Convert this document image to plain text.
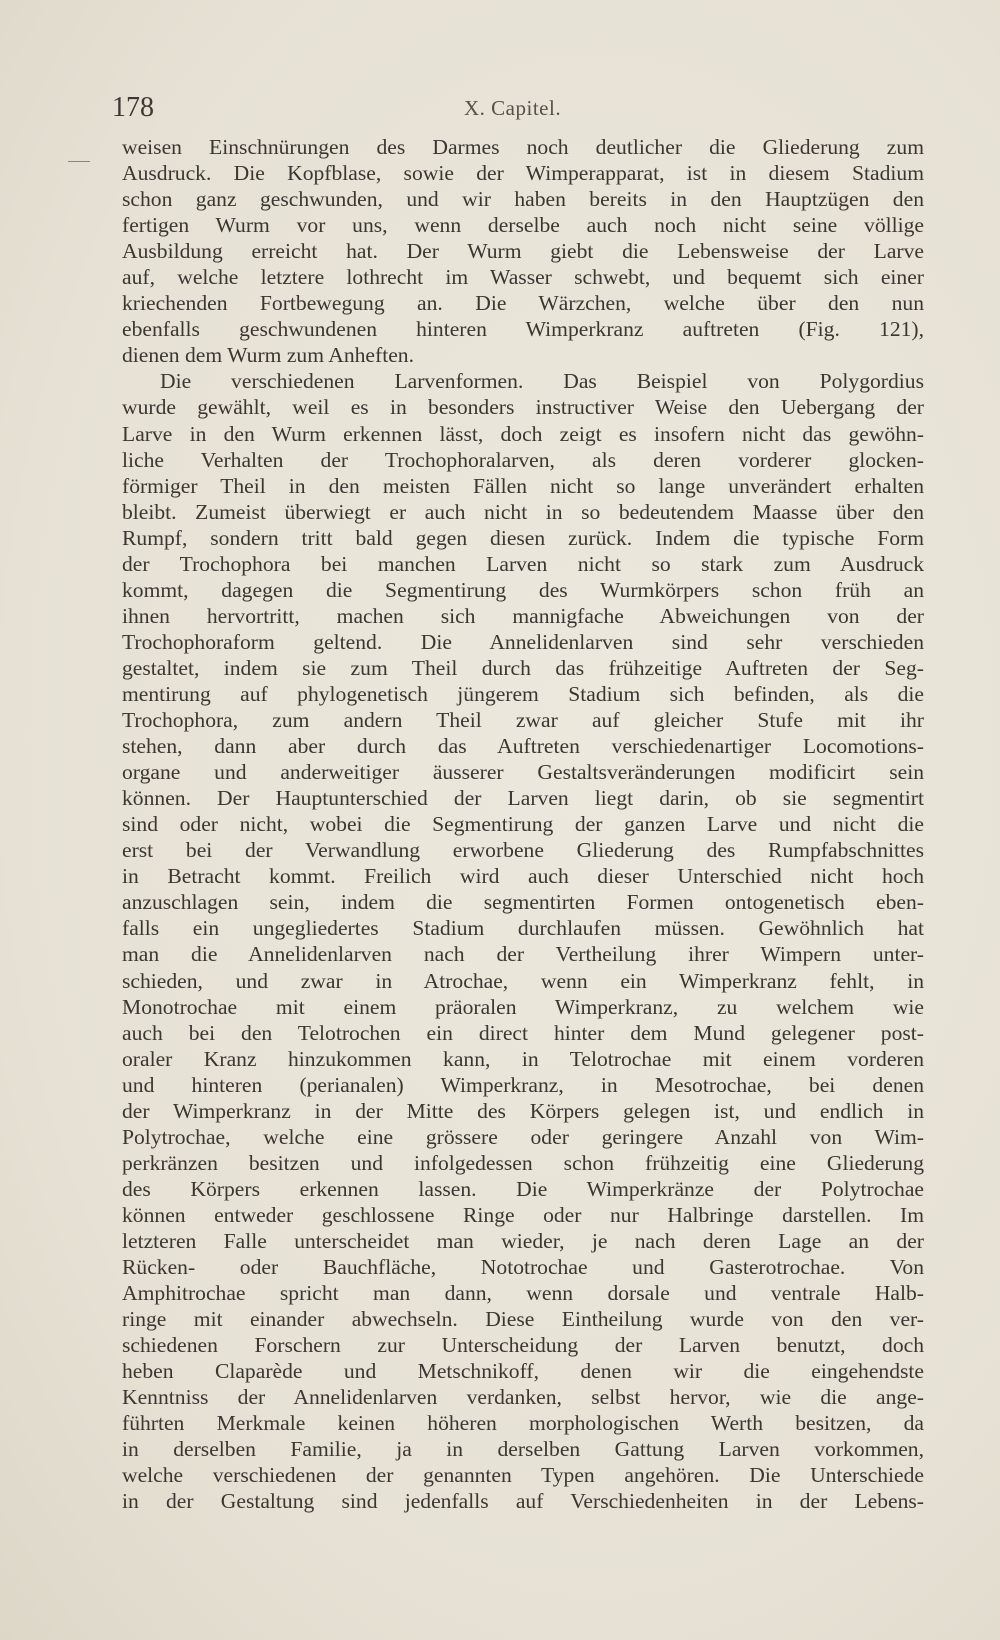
178	X. Capitel.
weisen Einschnürungen des Darmes noch deutlicher die Gliederung zum
Ausdruck. Die Kopfblase, sowie der Wimperapparat, ist in diesem Stadium
schon ganz geschwunden, und wir haben bereits in den Hauptzügen den
fertigen Wurm vor uns, wenn derselbe auch noch nicht seine völlige
Ausbildung erreicht hat. Der Wurm giebt die Lebensweise der Larve
auf, welche letztere lothrecht im Wasser schwebt, und bequemt sich einer
kriechenden Fortbewegung an. Die Wärzchen, welche über den nun
ebenfalls geschwundenen hinteren Wimperkranz auftreten (Fig. 121),
dienen dem Wurm zum Anheften.
Die verschiedenen Larvenformen. Das Beispiel von Polygordius
wurde gewählt, weil es in besonders instructiver Weise den Uebergang der
Larve in den Wurm erkennen lässt, doch zeigt es insofern nicht das gewöhn-
liche Verhalten der Trochophoralarven, als deren vorderer glocken-
förmiger Theil in den meisten Fällen nicht so lange unverändert erhalten
bleibt. Zumeist überwiegt er auch nicht in so bedeutendem Maasse über den
Rumpf, sondern tritt bald gegen diesen zurück. Indem die typische Form
der Trochophora bei manchen Larven nicht so stark zum Ausdruck
kommt, dagegen die Segmentirung des Wurmkörpers schon früh an
ihnen hervortritt, machen sich mannigfache Abweichungen von der
Trochophoraform geltend. Die Annelidenlarven sind sehr verschieden
gestaltet, indem sie zum Theil durch das frühzeitige Auftreten der Seg-
mentirung auf phylogenetisch jüngerem Stadium sich befinden, als die
Trochophora, zum andern Theil zwar auf gleicher Stufe mit ihr
stehen, dann aber durch das Auftreten verschiedenartiger Locomotions-
organe und anderweitiger äusserer Gestaltsveränderungen modificirt sein
können. Der Hauptunterschied der Larven liegt darin, ob sie segmentirt
sind oder nicht, wobei die Segmentirung der ganzen Larve und nicht die
erst bei der Verwandlung erworbene Gliederung des Rumpfabschnittes
in Betracht kommt. Freilich wird auch dieser Unterschied nicht hoch
anzuschlagen sein, indem die segmentirten Formen ontogenetisch eben-
falls ein ungegliedertes Stadium durchlaufen müssen. Gewöhnlich hat
man die Annelidenlarven nach der Vertheilung ihrer Wimpern unter-
schieden, und zwar in Atrochae, wenn ein Wimperkranz fehlt, in
Monotrochae mit einem präoralen Wimperkranz, zu welchem wie
auch bei den Telotrochen ein direct hinter dem Mund gelegener post-
oraler Kranz hinzukommen kann, in Telotrochae mit einem vorderen
und hinteren (perianalen) Wimperkranz, in Mesotrochae, bei denen
der Wimperkranz in der Mitte des Körpers gelegen ist, und endlich in
Polytrochae, welche eine grössere oder geringere Anzahl von Wim-
perkränzen besitzen und infolgedessen schon frühzeitig eine Gliederung
des Körpers erkennen lassen. Die Wimperkränze der Polytrochae
können entweder geschlossene Ringe oder nur Halbringe darstellen. Im
letzteren Falle unterscheidet man wieder, je nach deren Lage an der
Rücken- oder Bauchfläche, Nototrochae und Gasterotrochae. Von
Amphitrochae spricht man dann, wenn dorsale und ventrale Halb-
ringe mit einander abwechseln. Diese Eintheilung wurde von den ver-
schiedenen Forschern zur Unterscheidung der Larven benutzt, doch
heben Claparède und Metschnikoff, denen wir die eingehendste
Kenntniss der Annelidenlarven verdanken, selbst hervor, wie die ange-
führten Merkmale keinen höheren morphologischen Werth besitzen, da
in derselben Familie, ja in derselben Gattung Larven vorkommen,
welche verschiedenen der genannten Typen angehören. Die Unterschiede
in der Gestaltung sind jedenfalls auf Verschiedenheiten in der Lebens-
